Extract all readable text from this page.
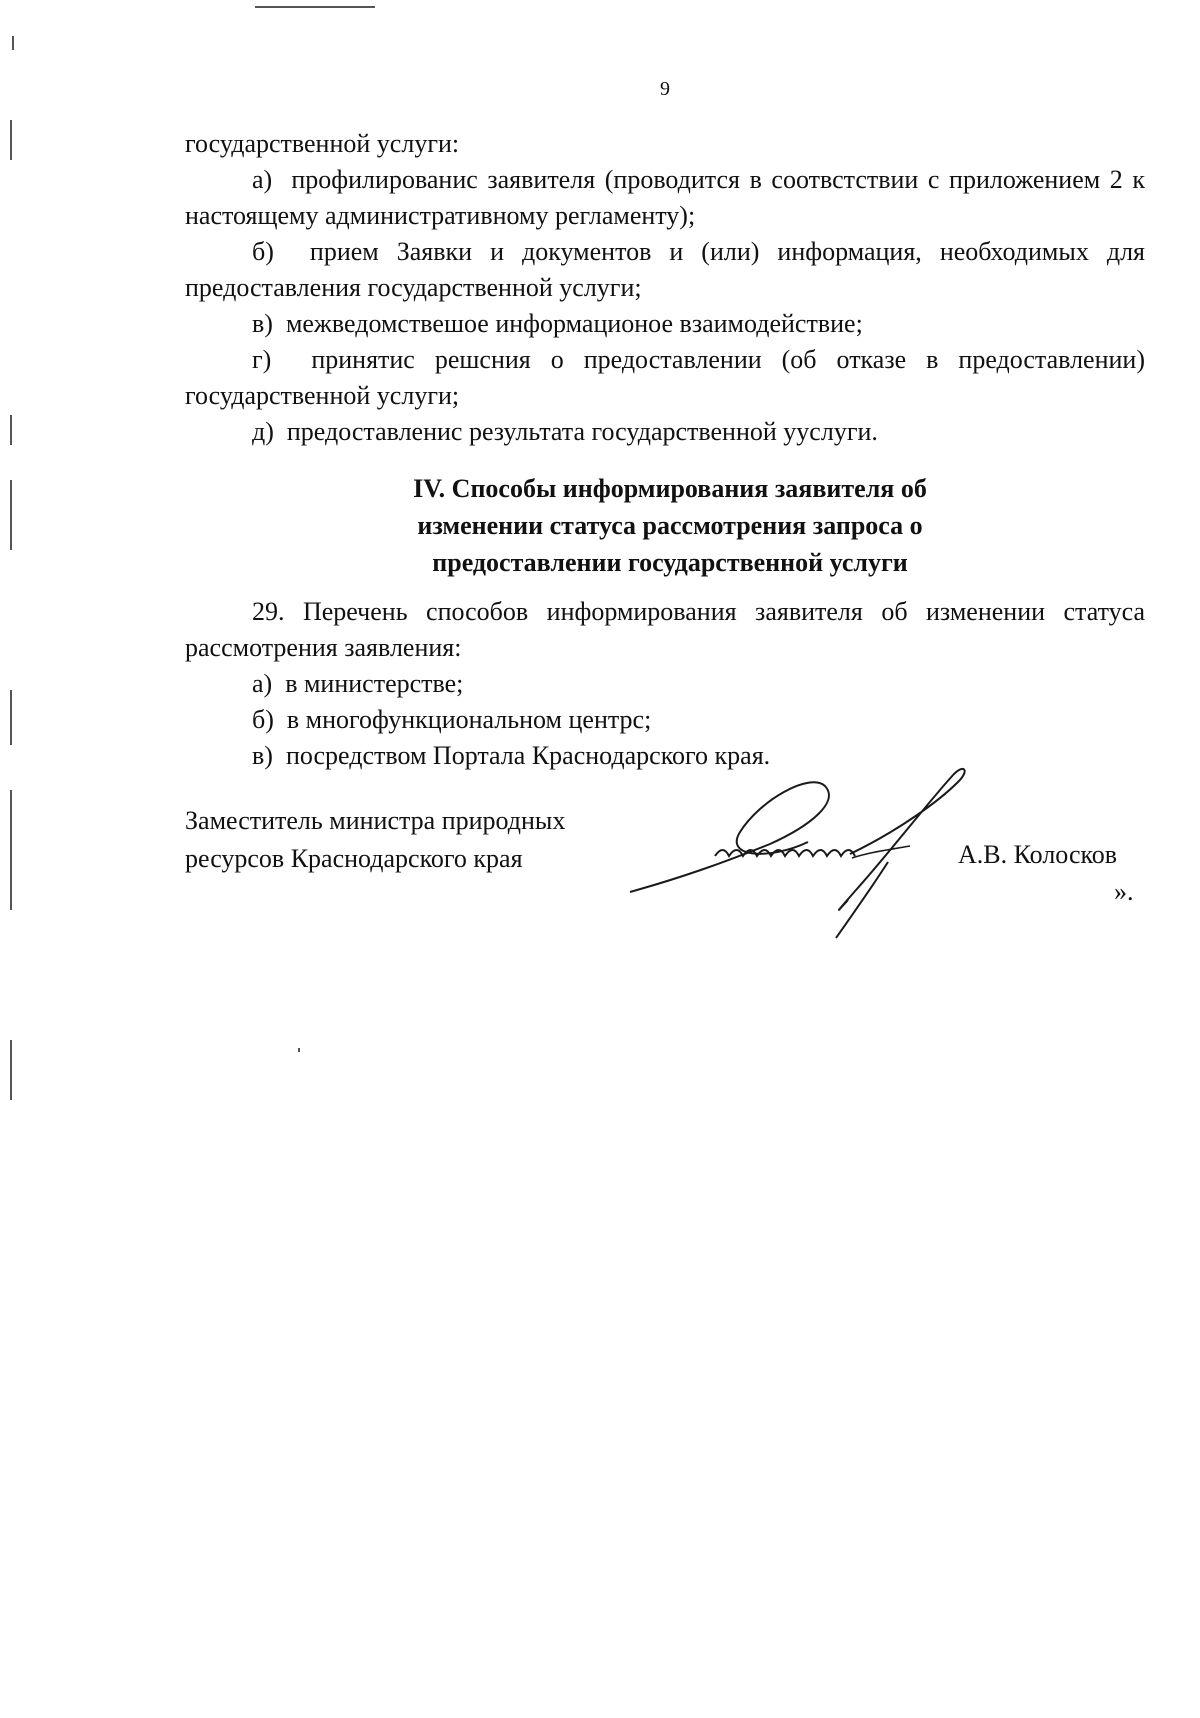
9

государственной услуги:

а) профилированис заявителя (проводится в соотвстствии с приложением 2 к настоящему административному регламенту);

б) прием Заявки и документов и (или) информация, необходимых для предоставления государственной услуги;

в) межведомствешое информационое взаимодействие;

г) принятис решсния о предоставлении (об отказе в предоставлении) государственной услуги;

д) предоставленис результата государственной ууслуги.

IV. Способы информирования заявителя об
изменении статуса рассмотрения запроса о
предоставлении государственной услуги

29. Перечень способов информирования заявителя об изменении статуса рассмотрения заявления:

а) в министерстве;

б) в многофункциональном центрс;

в) посредством Портала Краснодарского края.

Заместитель министра природных
ресурсов Краснодарского края	А.В. Колосков
».
